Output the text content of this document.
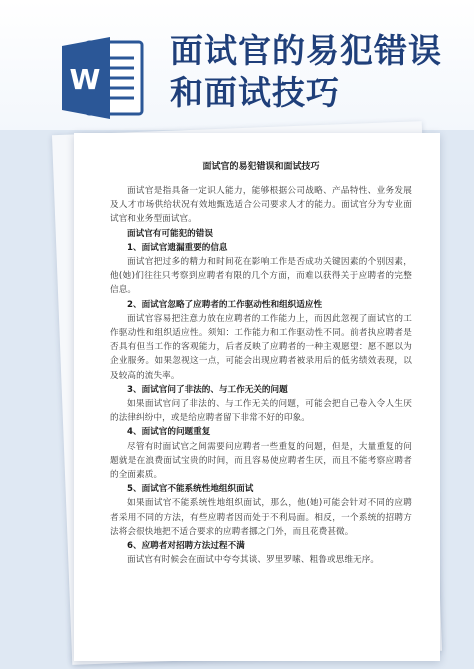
W
面试官的易犯错误
和面试技巧
面试官的易犯错误和面试技巧

面试官是指具备一定识人能力，能够根据公司战略、产品特性、业务发展及人才市场供给状况有效地甄选适合公司要求人才的能力。面试官分为专业面试官和业务型面试官。

面试官有可能犯的错误

1、面试官遗漏重要的信息

面试官把过多的精力和时间花在影响工作是否成功关键因素的个别因素，他(她)们往往只考察到应聘者有限的几个方面，而难以获得关于应聘者的完整信息。

2、面试官忽略了应聘者的工作驱动性和组织适应性

面试官容易把注意力放在应聘者的工作能力上，而因此忽视了面试官的工作驱动性和组织适应性。须知：工作能力和工作驱动性不同。前者执应聘者是否具有但当工作的客观能力，后者反映了应聘者的一种主观愿望：愿不愿以为企业服务。如果忽视这一点，可能会出现应聘者被录用后的低劣绩效表现，以及较高的流失率。

3、面试官问了非法的、与工作无关的问题

如果面试官问了非法的、与工作无关的问题，可能会把自己卷入令人生厌的法律纠纷中，或是给应聘者留下非常不好的印象。

4、面试官的问题重复

尽管有时面试官之间需要问应聘者一些重复的问题，但是，大量重复的问题就是在浪费面试宝贵的时间，而且容易使应聘者生厌，而且不能考察应聘者的全面素质。

5、面试官不能系统性地组织面试

如果面试官不能系统性地组织面试，那么，他(她)可能会针对不同的应聘者采用不同的方法，有些应聘者因而处于不利局面。相反，一个系统的招聘方法将会很快地把不适合要求的应聘者挪之门外，而且花费甚微。

6、应聘者对招聘方法过程不满

面试官有时候会在面试中夸夸其谈、罗里罗嗦、粗鲁或思维无序。
